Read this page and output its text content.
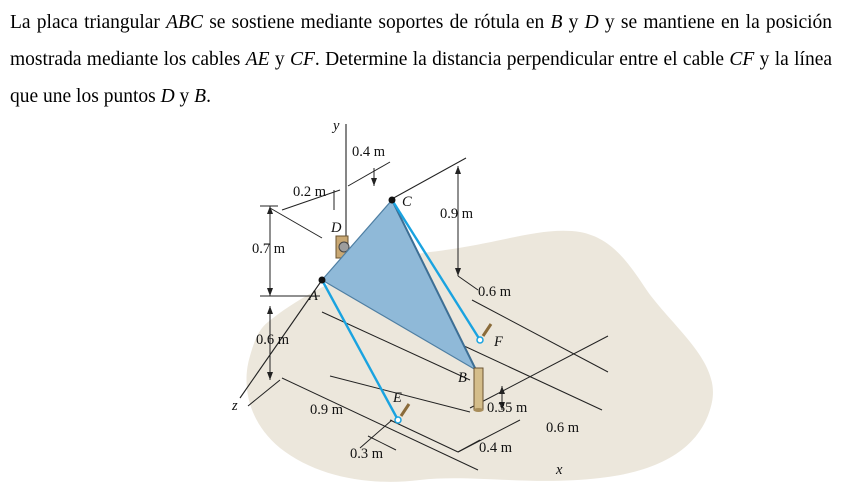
La placa triangular ABC se sostiene mediante soportes de rótula en B y D y se mantiene en la posición mostrada mediante los cables AE y CF. Determine la distancia perpendicular entre el cable CF y la línea que une los puntos D y B.

y
z
x
A
B
C
D
E
F
0.4 m
0.2 m
0.9 m
0.7 m
0.6 m
0.6 m
0.9 m	0.35 m
0.6 m
0.3 m	0.4 m
